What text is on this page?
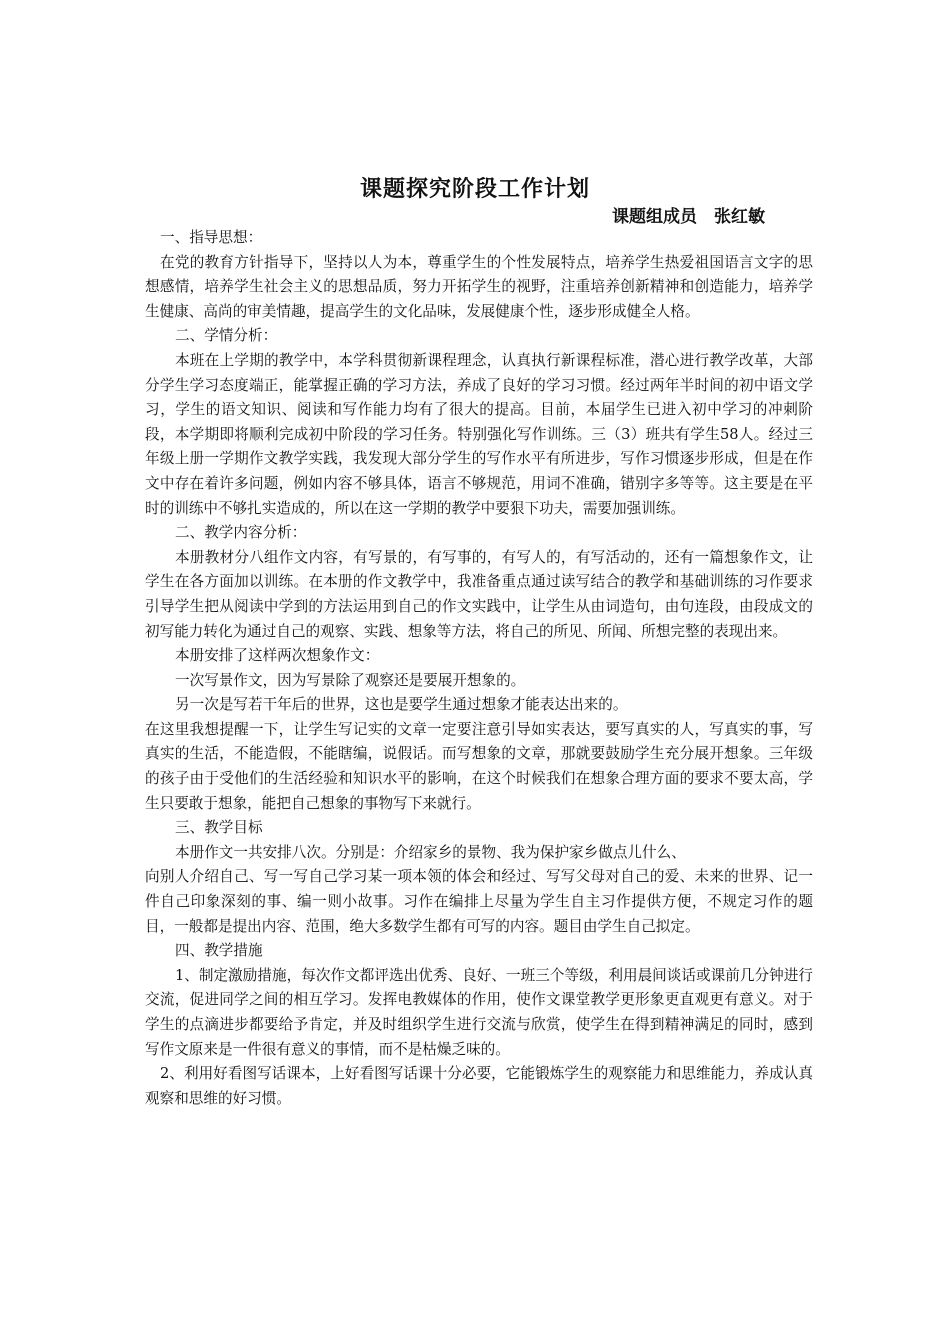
课题探究阶段工作计划
课题组成员　张红敏

一、指导思想：

在党的教育方针指导下，坚持以人为本，尊重学生的个性发展特点，培养学生热爱祖国语言文字的思想感情，培养学生社会主义的思想品质，努力开拓学生的视野，注重培养创新精神和创造能力，培养学生健康、高尚的审美情趣，提高学生的文化品味，发展健康个性，逐步形成健全人格。

二、学情分析：

本班在上学期的教学中，本学科贯彻新课程理念，认真执行新课程标准，潜心进行教学改革，大部分学生学习态度端正，能掌握正确的学习方法，养成了良好的学习习惯。经过两年半时间的初中语文学习，学生的语文知识、阅读和写作能力均有了很大的提高。目前，本届学生已进入初中学习的冲刺阶段，本学期即将顺利完成初中阶段的学习任务。特别强化写作训练。三（3）班共有学生58人。经过三年级上册一学期作文教学实践，我发现大部分学生的写作水平有所进步，写作习惯逐步形成，但是在作文中存在着许多问题，例如内容不够具体，语言不够规范，用词不准确，错别字多等等。这主要是在平时的训练中不够扎实造成的，所以在这一学期的教学中要狠下功夫，需要加强训练。

二、教学内容分析：

本册教材分八组作文内容，有写景的，有写事的，有写人的，有写活动的，还有一篇想象作文，让学生在各方面加以训练。在本册的作文教学中，我准备重点通过读写结合的教学和基础训练的习作要求引导学生把从阅读中学到的方法运用到自己的作文实践中，让学生从由词造句，由句连段，由段成文的初写能力转化为通过自己的观察、实践、想象等方法，将自己的所见、所闻、所想完整的表现出来。

本册安排了这样两次想象作文：

一次写景作文，因为写景除了观察还是要展开想象的。

另一次是写若干年后的世界，这也是要学生通过想象才能表达出来的。

在这里我想提醒一下，让学生写记实的文章一定要注意引导如实表达，要写真实的人，写真实的事，写真实的生活，不能造假，不能瞎编，说假话。而写想象的文章，那就要鼓励学生充分展开想象。三年级的孩子由于受他们的生活经验和知识水平的影响，在这个时候我们在想象合理方面的要求不要太高，学生只要敢于想象，能把自己想象的事物写下来就行。

三、教学目标

本册作文一共安排八次。分别是：介绍家乡的景物、我为保护家乡做点儿什么、

向别人介绍自己、写一写自己学习某一项本领的体会和经过、写写父母对自己的爱、未来的世界、记一件自己印象深刻的事、编一则小故事。习作在编排上尽量为学生自主习作提供方便，不规定习作的题目，一般都是提出内容、范围，绝大多数学生都有可写的内容。题目由学生自己拟定。

四、教学措施

1、制定激励措施，每次作文都评选出优秀、良好、一班三个等级，利用晨间谈话或课前几分钟进行交流，促进同学之间的相互学习。发挥电教媒体的作用，使作文课堂教学更形象更直观更有意义。对于学生的点滴进步都要给予肯定，并及时组织学生进行交流与欣赏，使学生在得到精神满足的同时，感到写作文原来是一件很有意义的事情，而不是枯燥乏味的。

2、利用好看图写话课本，上好看图写话课十分必要，它能锻炼学生的观察能力和思维能力，养成认真观察和思维的好习惯。
